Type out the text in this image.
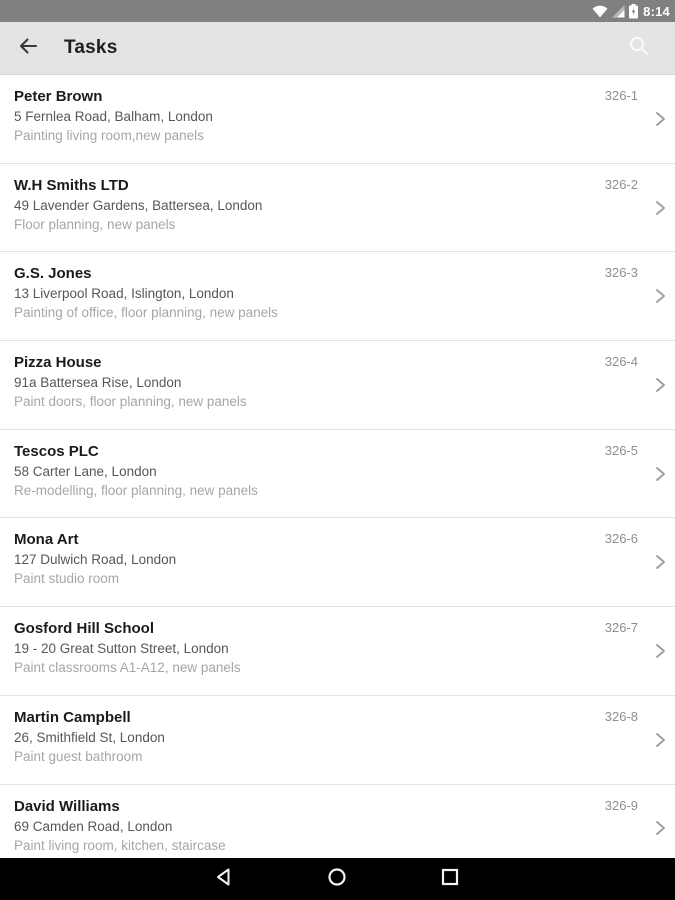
8:14
Tasks
Peter Brown
5 Fernlea Road, Balham, London
Painting living room,new panels
326-1
W.H Smiths LTD
49 Lavender Gardens, Battersea, London
Floor planning, new panels
326-2
G.S. Jones
13 Liverpool Road, Islington, London
Painting of office, floor planning, new panels
326-3
Pizza House
91a Battersea Rise, London
Paint doors, floor planning, new panels
326-4
Tescos PLC
58 Carter Lane, London
Re-modelling, floor planning, new panels
326-5
Mona Art
127 Dulwich Road, London
Paint studio room
326-6
Gosford Hill School
19 - 20 Great Sutton Street, London
Paint classrooms A1-A12, new panels
326-7
Martin Campbell
26, Smithfield St, London
Paint guest bathroom
326-8
David Williams
69 Camden Road, London
Paint living room, kitchen, staircase
326-9
